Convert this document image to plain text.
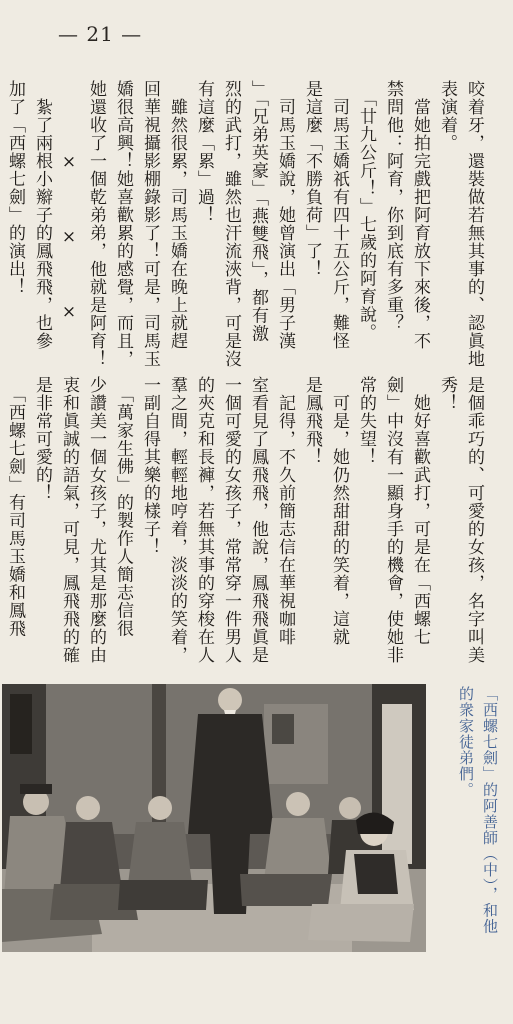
— 21 —
咬着牙，還裝做若無其事的、認眞地
表演着。
　當她拍完戲把阿育放下來後，不
禁問他：阿育，你到底有多重？
　「廿九公斤！」七歲的阿育說。
　司馬玉嬌祇有四十五公斤，難怪
是這麼「不勝負荷」了！
　司馬玉嬌說，她曾演出「男子漢
」「兄弟英豪」「燕雙飛」，都有激
烈的武打，雖然也汗流浹背，可是沒
有這麼「累」過！
　雖然很累，司馬玉嬌在晚上就趕
回華視攝影棚錄影了！可是，司馬玉
嬌很高興！她喜歡累的感覺，而且，
她還收了一個乾弟弟，他就是阿育！
　　　　×　　　×　　　×
　紮了兩根小辮子的鳳飛飛，也參
加了「西螺七劍」的演出！

是個乖巧的、可愛的女孩，名字叫美
秀！
　她好喜歡武打，可是在「西螺七
劍」中沒有一顯身手的機會，使她非
常的失望！
　可是，她仍然甜甜的笑着，這就
是鳳飛飛！
　記得，不久前簡志信在華視咖啡
室看見了鳳飛飛，他說，鳳飛飛眞是
一個可愛的女孩子，常常穿一件男人
的夾克和長褲，若無其事的穿梭在人
羣之間，輕輕地哼着，淡淡的笑着，
一副自得其樂的樣子！
　「萬家生佛」的製作人簡志信很
少讚美一個女孩子，尤其是那麼的由
衷和眞誠的語氣，可見，鳳飛飛的確
是非常可愛的！
　「西螺七劍」有司馬玉嬌和鳳飛

「西螺七劍」的阿善師（中），和他
的衆家徒弟們。
